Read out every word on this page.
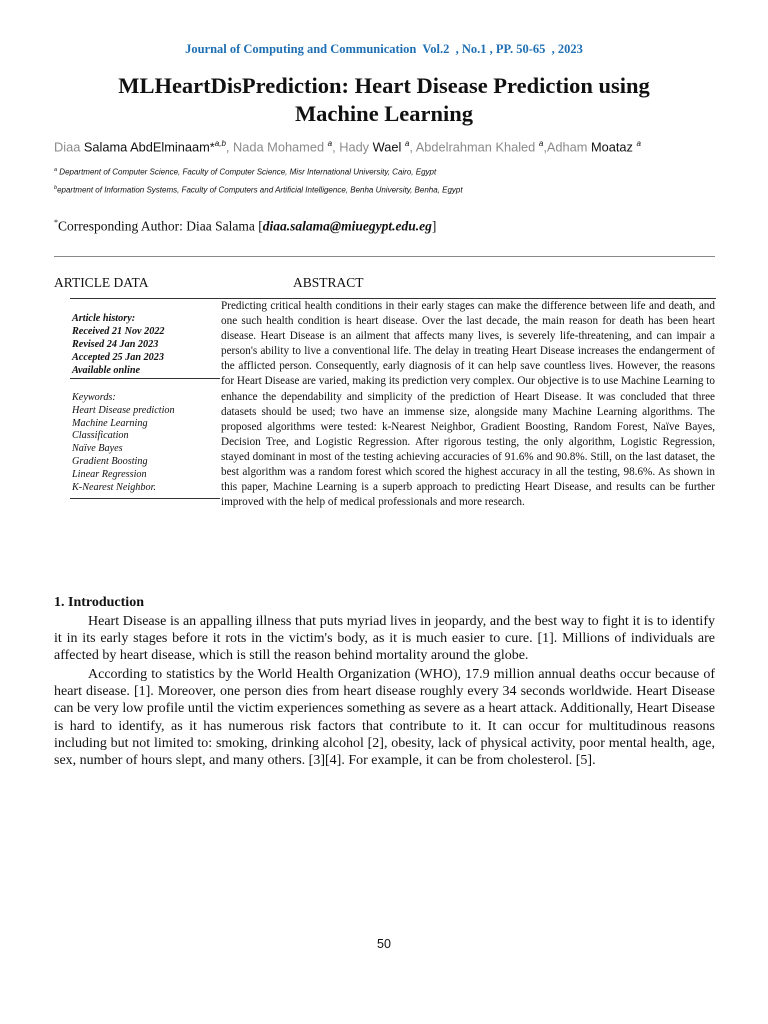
Journal of Computing and Communication  Vol.2  , No.1 , PP. 50-65  , 2023
MLHeartDisPrediction: Heart Disease Prediction using
Machine Learning
Diaa Salama AbdElminaam*$^{a,b}$, Nada Mohamed $^a$, Hady Wael $^a$, Abdelrahman Khaled $^a$,Adham Moataz $^a$
$^a$ Department of Computer Science, Faculty of Computer Science, Misr International University, Cairo, Egypt
$^b$epartment of Information Systems, Faculty of Computers and Artificial Intelligence, Benha University, Benha, Egypt
*Corresponding Author: Diaa Salama [diaa.salama@miuegypt.edu.eg]
ARTICLE DATA	ABSTRACT
Article history:
Received 21 Nov 2022
Revised 24 Jan 2023
Accepted 25 Jan 2023
Available online
Keywords:
Heart Disease prediction
Machine Learning
Classification
Naïve Bayes
Gradient Boosting
Linear Regression
K-Nearest Neighbor.
Predicting critical health conditions in their early stages can make the difference between life and death, and one such health condition is heart disease. Over the last decade, the main reason for death has been heart disease. Heart Disease is an ailment that affects many lives, is severely life-threatening, and can impair a person's ability to live a conventional life. The delay in treating Heart Disease increases the endangerment of the afflicted person. Consequently, early diagnosis of it can help save countless lives. However, the reasons for Heart Disease are varied, making its prediction very complex. Our objective is to use Machine Learning to enhance the dependability and simplicity of the prediction of Heart Disease. It was concluded that three datasets should be used; two have an immense size, alongside many Machine Learning algorithms. The proposed algorithms were tested: k-Nearest Neighbor, Gradient Boosting, Random Forest, Naïve Bayes, Decision Tree, and Logistic Regression. After rigorous testing, the only algorithm, Logistic Regression, stayed dominant in most of the testing achieving accuracies of 91.6% and 90.8%. Still, on the last dataset, the best algorithm was a random forest which scored the highest accuracy in all the testing, 98.6%. As shown in this paper, Machine Learning is a superb approach to predicting Heart Disease, and results can be further improved with the help of medical professionals and more research.
1. Introduction
Heart Disease is an appalling illness that puts myriad lives in jeopardy, and the best way to fight it is to identify it in its early stages before it rots in the victim's body, as it is much easier to cure. [1]. Millions of individuals are affected by heart disease, which is still the reason behind mortality around the globe.
According to statistics by the World Health Organization (WHO), 17.9 million annual deaths occur because of heart disease. [1]. Moreover, one person dies from heart disease roughly every 34 seconds worldwide. Heart Disease can be very low profile until the victim experiences something as severe as a heart attack. Additionally, Heart Disease is hard to identify, as it has numerous risk factors that contribute to it. It can occur for multitudinous reasons including but not limited to: smoking, drinking alcohol [2], obesity, lack of physical activity, poor mental health, age, sex, number of hours slept, and many others. [3][4]. For example, it can be from cholesterol. [5].
50
